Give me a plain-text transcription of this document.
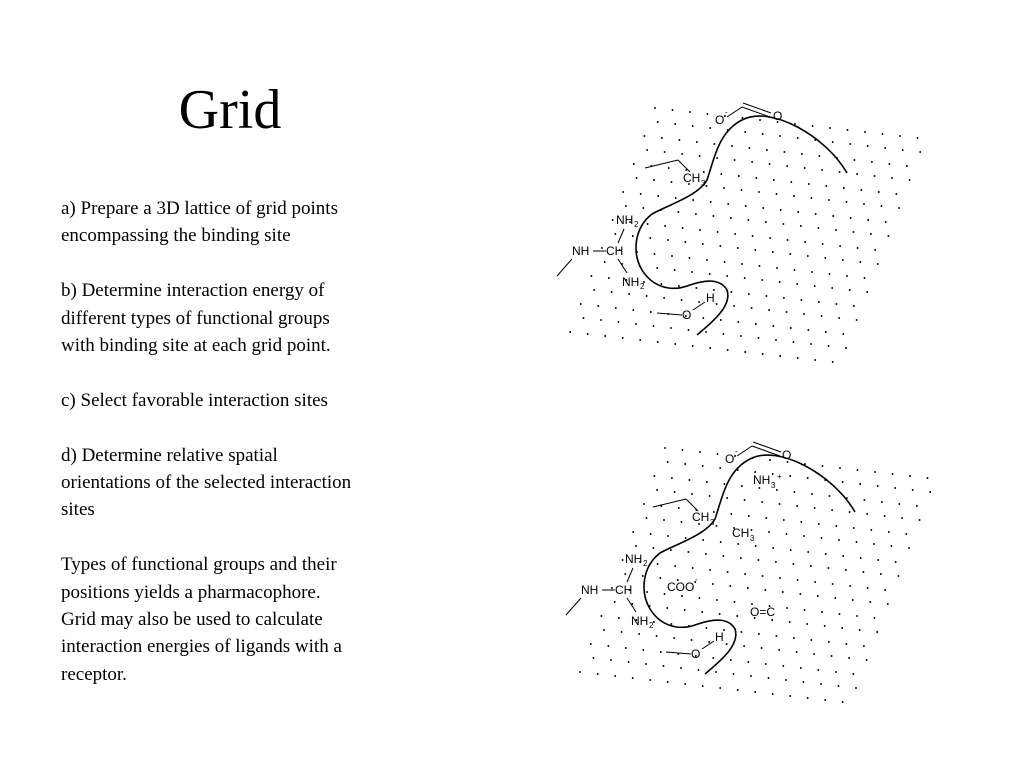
Grid

a) Prepare a 3D lattice of grid points
encompassing the binding site

b) Determine interaction energy of
different types of functional groups
with binding site at each grid point.

c) Select favorable interaction sites

d) Determine relative spatial
orientations of the selected interaction
sites

Types of functional groups and their
positions yields a pharmacophore.
Grid may also be used to calculate
interaction energies of ligands with a
receptor.

O
-	O
CH 3
NH 2
NH CH
NH 2
H
O
O
-	O
NH 3
+
CH 3
CH 3
NH 2
NH CH
NH 2
COO
-
O=C
H
O
